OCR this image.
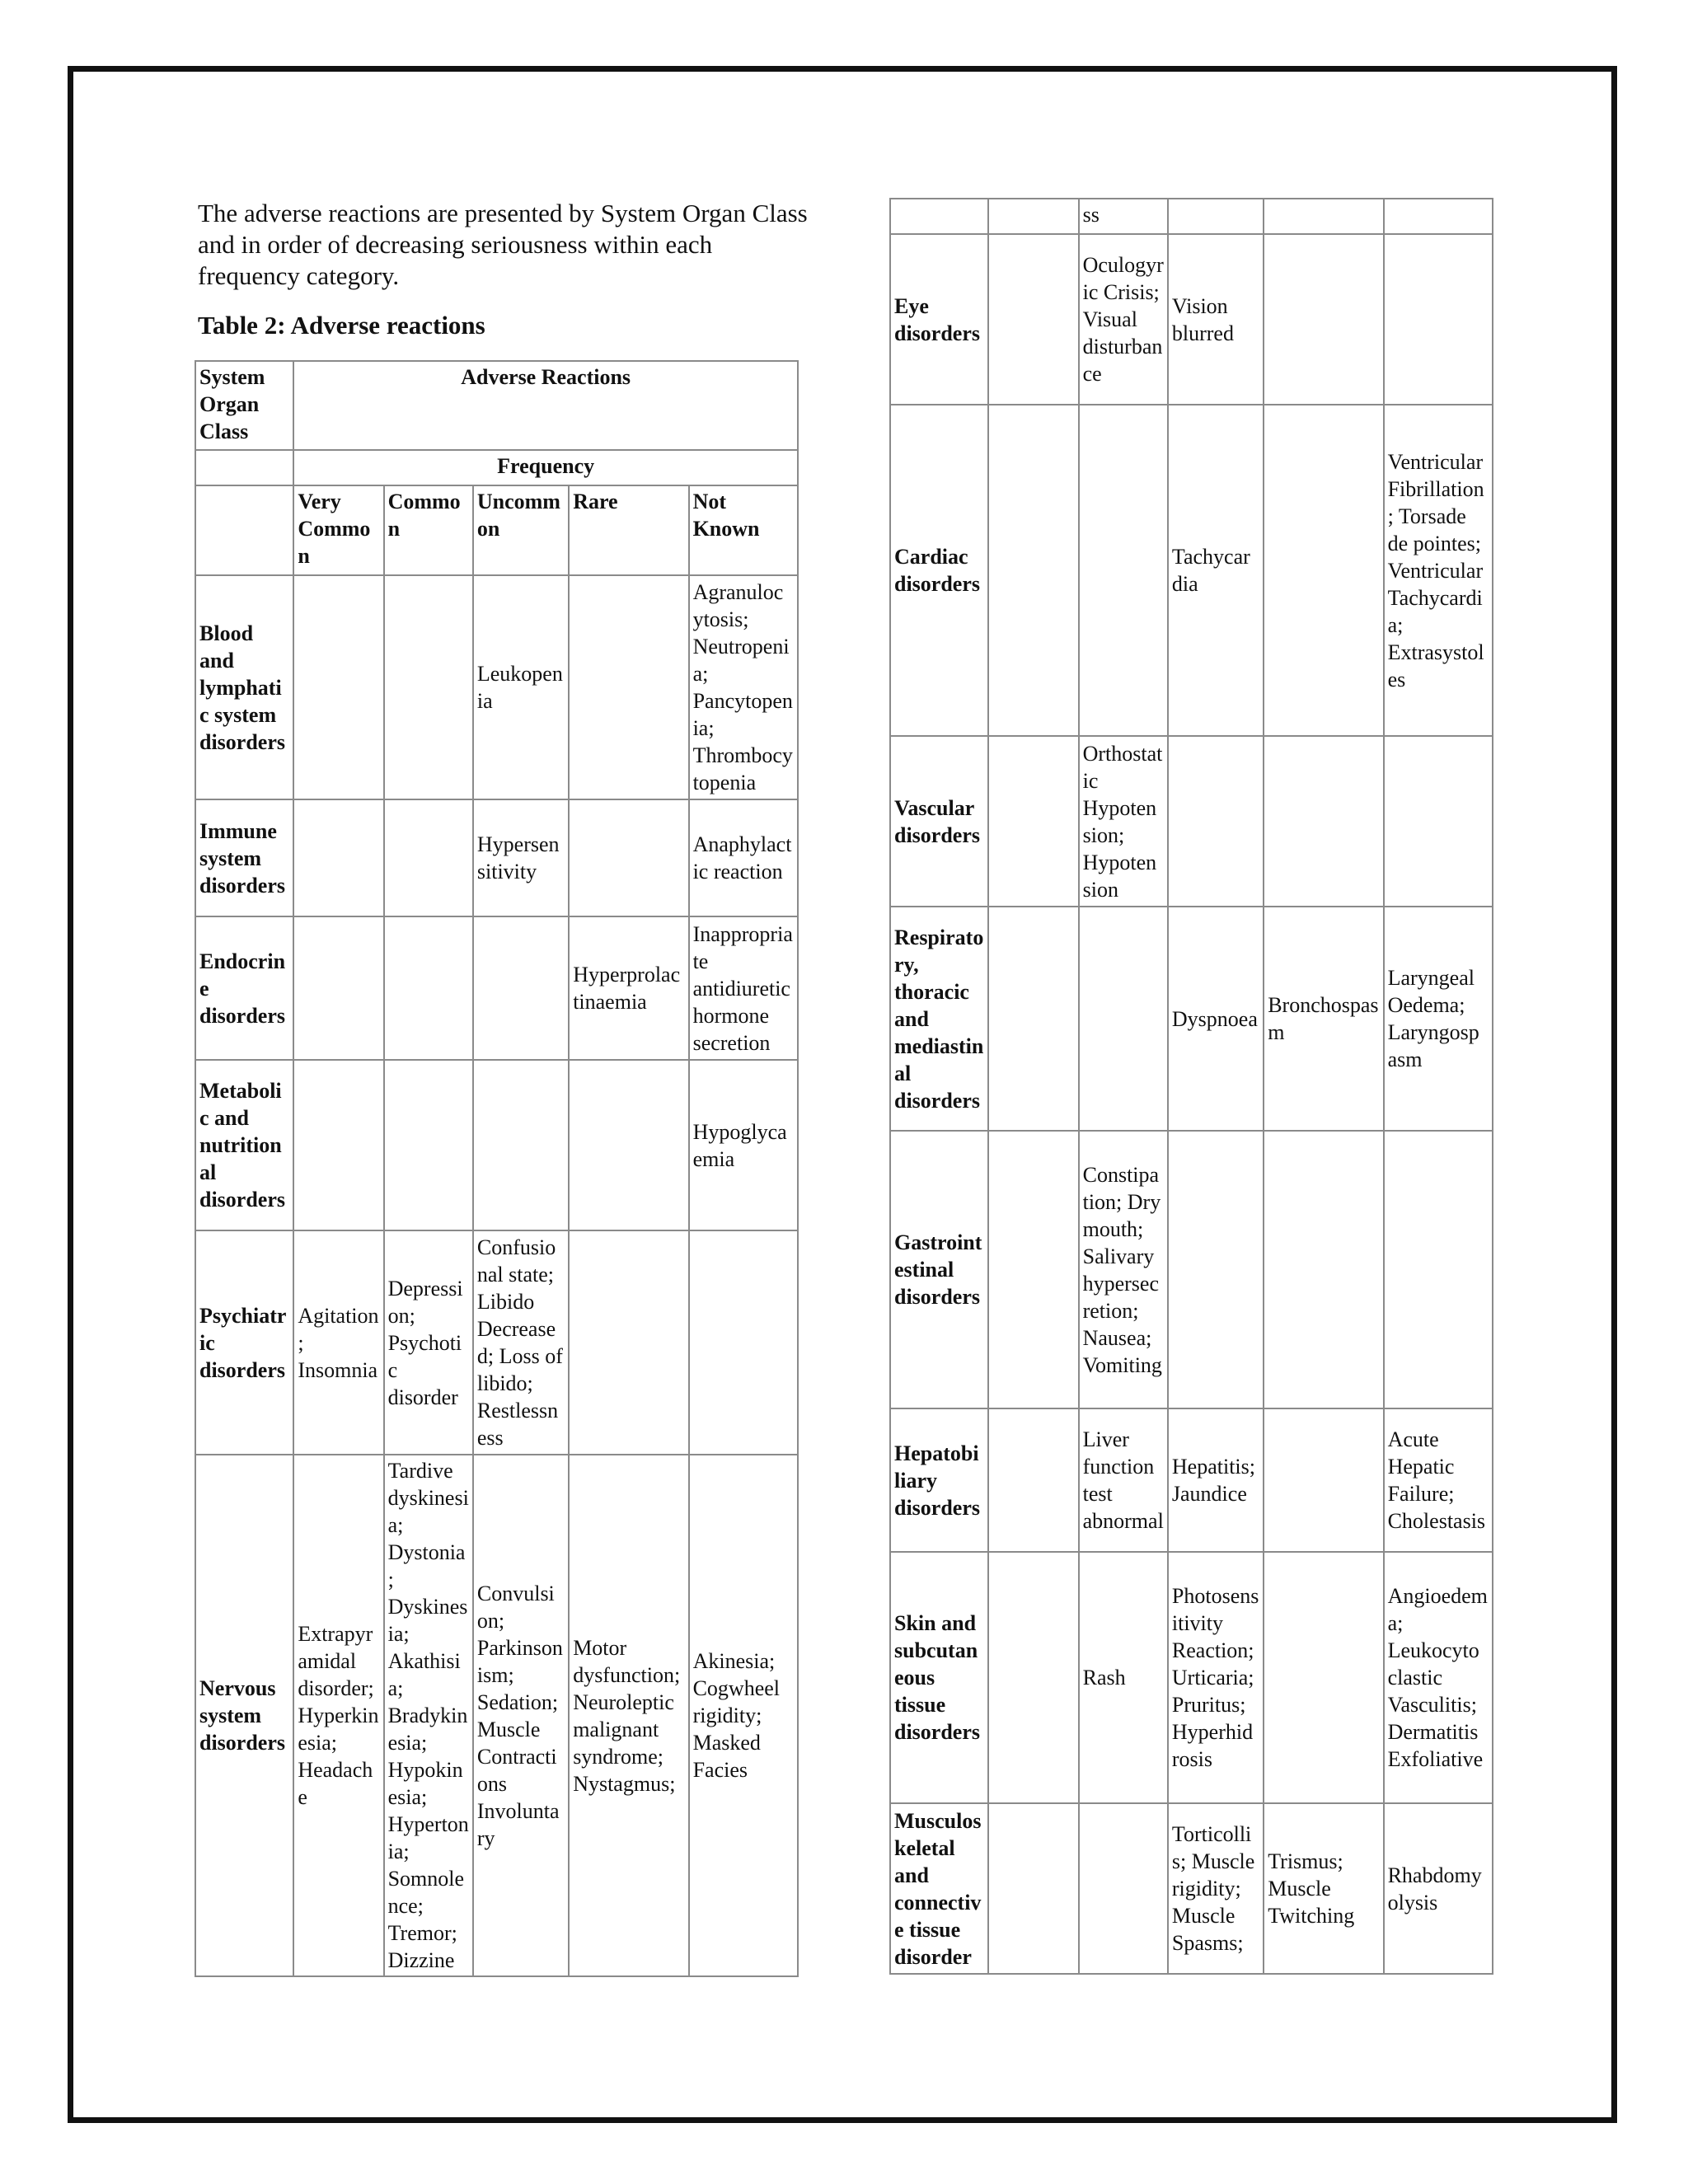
The adverse reactions are presented by System Organ Class and in order of decreasing seriousness within each frequency category.
Table 2: Adverse reactions
System Organ Class	Adverse Reactions				
	Frequency				
	Very Common	Common	Uncommon	Rare	Not Known
Blood and lymphatic system disorders			Leukopenia		Agranulocytosis; Neutropenia; Pancytopenia; Thrombocytopenia
Immune system disorders			Hypersensitivity		Anaphylactic reaction
Endocrine disorders				Hyperprolactinaemia	Inappropriate antidiuretic hormone secretion
Metabolic and nutritional disorders					Hypoglycaemia
Psychiatric disorders	Agitation; Insomnia	Depression; Psychotic disorder	Confusional state; Libido Decreased; Loss of libido; Restlessness		
Nervous system disorders	Extrapyramidal disorder; Hyperkinesia; Headache	Tardive dyskinesia; Dystonia; Dyskinesia; Akathisia; Bradykinesia; Hypokinesia; Hypertonia; Somnolence; Tremor; Dizzine	Convulsion; Parkinsonism; Sedation; Muscle Contractions Involuntary	Motor dysfunction; Neuroleptic malignant syndrome; Nystagmus;	Akinesia; Cogwheel rigidity; Masked Facies
		ss			
Eye disorders		Oculogyric Crisis; Visual disturbance	Vision blurred		
Cardiac disorders			Tachycardia		Ventricular Fibrillation; Torsade de pointes; Ventricular Tachycardia; Extrasystoles
Vascular disorders		Orthostatic Hypotension; Hypotension			
Respiratory, thoracic and mediastinal disorders			Dyspnoea	Bronchospasm	Laryngeal Oedema; Laryngospasm
Gastrointestinal disorders		Constipation; Dry mouth; Salivary hypersecretion; Nausea; Vomiting			
Hepatobiliary disorders		Liver function test abnormal	Hepatitis; Jaundice		Acute Hepatic Failure; Cholestasis
Skin and subcutaneous tissue disorders		Rash	Photosensitivity Reaction; Urticaria; Pruritus; Hyperhidrosis		Angioedema; Leukocytoclastic Vasculitis; Dermatitis Exfoliative
Musculoskeletal and connective tissue disorder			Torticollis; Muscle rigidity; Muscle Spasms;	Trismus; Muscle Twitching	Rhabdomyolysis
